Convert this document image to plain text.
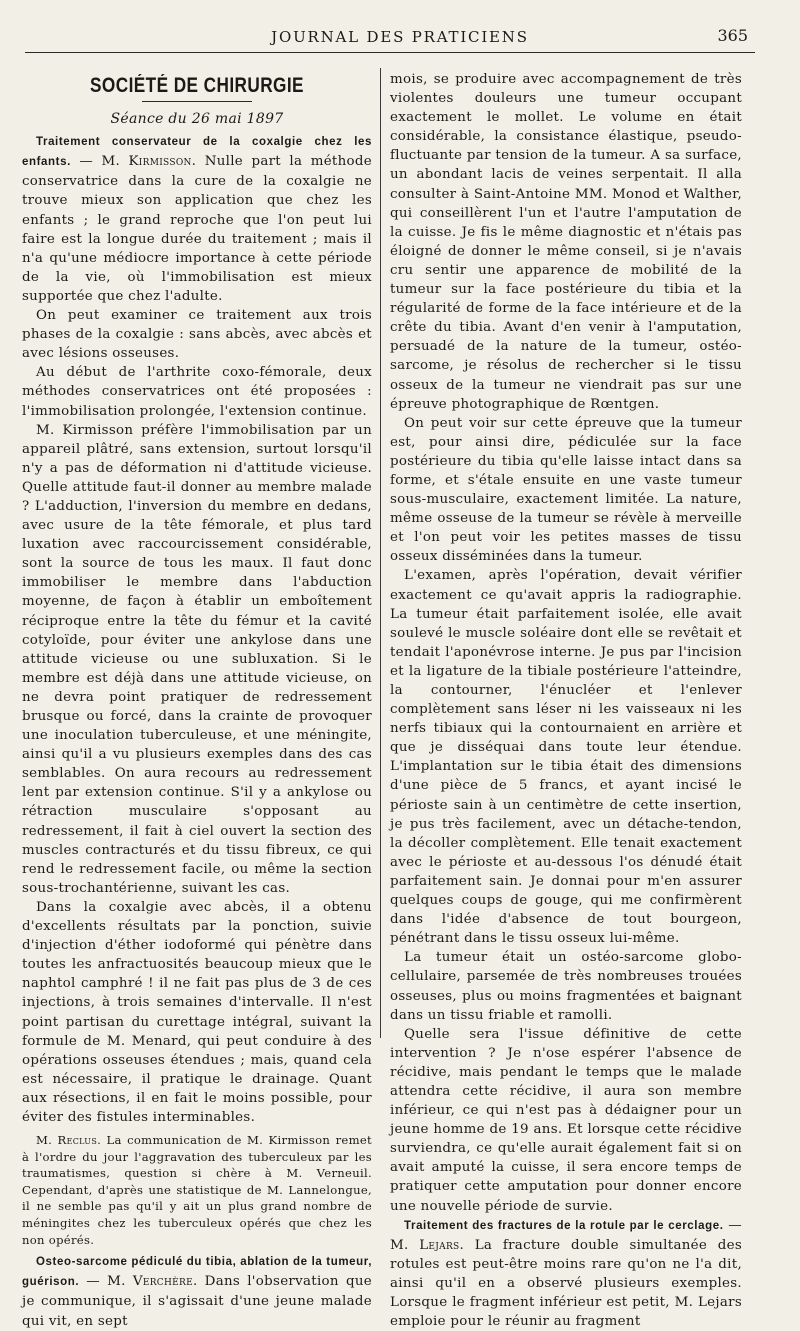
JOURNAL DES PRATICIENS	365
SOCIÉTÉ DE CHIRURGIE
Séance du 26 mai 1897

Traitement conservateur de la coxalgie chez les enfants. — M. Kirmisson. Nulle part la méthode conservatrice dans la cure de la coxalgie ne trouve mieux son application que chez les enfants ; le grand reproche que l'on peut lui faire est la longue durée du traitement ; mais il n'a qu'une médiocre importance à cette période de la vie, où l'immobilisation est mieux supportée que chez l'adulte.

On peut examiner ce traitement aux trois phases de la coxalgie : sans abcès, avec abcès et avec lésions osseuses.

Au début de l'arthrite coxo-fémorale, deux méthodes conservatrices ont été proposées : l'immobilisation prolongée, l'extension continue.

M. Kirmisson préfère l'immobilisation par un appareil plâtré, sans extension, surtout lorsqu'il n'y a pas de déformation ni d'attitude vicieuse. Quelle attitude faut-il donner au membre malade ? L'adduction, l'inversion du membre en dedans, avec usure de la tête fémorale, et plus tard luxation avec raccourcissement considérable, sont la source de tous les maux. Il faut donc immobiliser le membre dans l'abduction moyenne, de façon à établir un emboîtement réciproque entre la tête du fémur et la cavité cotyloïde, pour éviter une ankylose dans une attitude vicieuse ou une subluxation. Si le membre est déjà dans une attitude vicieuse, on ne devra point pratiquer de redressement brusque ou forcé, dans la crainte de provoquer une inoculation tuberculeuse, et une méningite, ainsi qu'il a vu plusieurs exemples dans des cas semblables. On aura recours au redressement lent par extension continue. S'il y a ankylose ou rétraction musculaire s'opposant au redressement, il fait à ciel ouvert la section des muscles contracturés et du tissu fibreux, ce qui rend le redressement facile, ou même la section sous-trochantérienne, suivant les cas.

Dans la coxalgie avec abcès, il a obtenu d'excellents résultats par la ponction, suivie d'injection d'éther iodoformé qui pénètre dans toutes les anfractuosités beaucoup mieux que le naphtol camphré ! il ne fait pas plus de 3 de ces injections, à trois semaines d'intervalle. Il n'est point partisan du curettage intégral, suivant la formule de M. Menard, qui peut conduire à des opérations osseuses étendues ; mais, quand cela est nécessaire, il pratique le drainage. Quant aux résections, il en fait le moins possible, pour éviter des fistules interminables.

M. Reclus. La communication de M. Kirmisson remet à l'ordre du jour l'aggravation des tuberculeux par les traumatismes, question si chère à M. Verneuil. Cependant, d'après une statistique de M. Lannelongue, il ne semble pas qu'il y ait un plus grand nombre de méningites chez les tuberculeux opérés que chez les non opérés.

Osteo-sarcome pédiculé du tibia, ablation de la tumeur, guérison. — M. Verchère. Dans l'observation que je communique, il s'agissait d'une jeune malade qui vit, en sept

mois, se produire avec accompagnement de très violentes douleurs une tumeur occupant exactement le mollet. Le volume en était considérable, la consistance élastique, pseudo-fluctuante par tension de la tumeur. A sa surface, un abondant lacis de veines serpentait. Il alla consulter à Saint-Antoine MM. Monod et Walther, qui conseillèrent l'un et l'autre l'amputation de la cuisse. Je fis le même diagnostic et n'étais pas éloigné de donner le même conseil, si je n'avais cru sentir une apparence de mobilité de la tumeur sur la face postérieure du tibia et la régularité de forme de la face intérieure et de la crête du tibia. Avant d'en venir à l'amputation, persuadé de la nature de la tumeur, ostéo-sarcome, je résolus de rechercher si le tissu osseux de la tumeur ne viendrait pas sur une épreuve photographique de Rœntgen.

On peut voir sur cette épreuve que la tumeur est, pour ainsi dire, pédiculée sur la face postérieure du tibia qu'elle laisse intact dans sa forme, et s'étale ensuite en une vaste tumeur sous-musculaire, exactement limitée. La nature, même osseuse de la tumeur se révèle à merveille et l'on peut voir les petites masses de tissu osseux disséminées dans la tumeur.

L'examen, après l'opération, devait vérifier exactement ce qu'avait appris la radiographie. La tumeur était parfaitement isolée, elle avait soulevé le muscle soléaire dont elle se revêtait et tendait l'aponévrose interne. Je pus par l'incision et la ligature de la tibiale postérieure l'atteindre, la contourner, l'énucléer et l'enlever complètement sans léser ni les vaisseaux ni les nerfs tibiaux qui la contournaient en arrière et que je disséquai dans toute leur étendue. L'implantation sur le tibia était des dimensions d'une pièce de 5 francs, et ayant incisé le périoste sain à un centimètre de cette insertion, je pus très facilement, avec un détache-tendon, la décoller complètement. Elle tenait exactement avec le périoste et au-dessous l'os dénudé était parfaitement sain. Je donnai pour m'en assurer quelques coups de gouge, qui me confirmèrent dans l'idée d'absence de tout bourgeon, pénétrant dans le tissu osseux lui-même.

La tumeur était un ostéo-sarcome globo-cellulaire, parsemée de très nombreuses trouées osseuses, plus ou moins fragmentées et baignant dans un tissu friable et ramolli.

Quelle sera l'issue définitive de cette intervention ? Je n'ose espérer l'absence de récidive, mais pendant le temps que le malade attendra cette récidive, il aura son membre inférieur, ce qui n'est pas à dédaigner pour un jeune homme de 19 ans. Et lorsque cette récidive surviendra, ce qu'elle aurait également fait si on avait amputé la cuisse, il sera encore temps de pratiquer cette amputation pour donner encore une nouvelle période de survie.

Traitement des fractures de la rotule par le cerclage. — M. Lejars. La fracture double simultanée des rotules est peut-être moins rare qu'on ne l'a dit, ainsi qu'il en a observé plusieurs exemples. Lorsque le fragment inférieur est petit, M. Lejars emploie pour le réunir au fragment
